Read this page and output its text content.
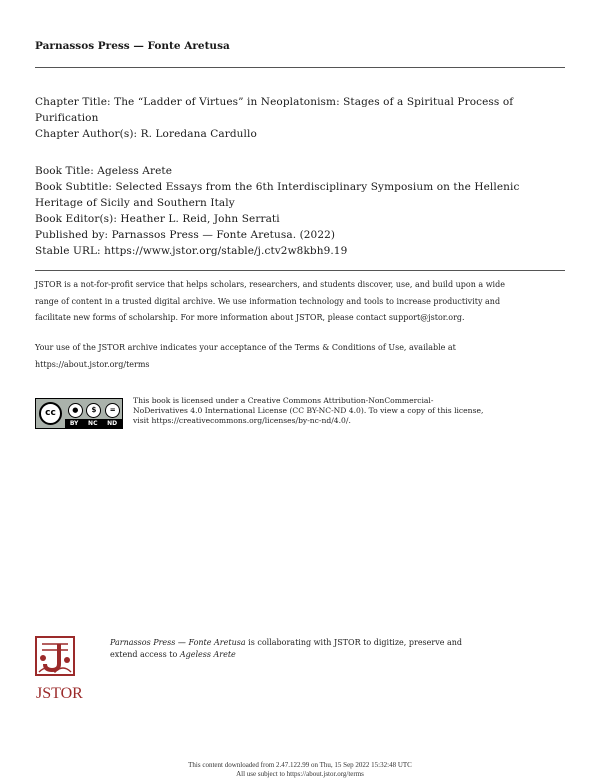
Parnassos Press — Fonte Aretusa
Chapter Title: The “Ladder of Virtues” in Neoplatonism: Stages of a Spiritual Process of
Purification
Chapter Author(s): R. Loredana Cardullo
Book Title: Ageless Arete
Book Subtitle: Selected Essays from the 6th Interdisciplinary Symposium on the Hellenic
Heritage of Sicily and Southern Italy
Book Editor(s): Heather L. Reid, John Serrati
Published by: Parnassos Press — Fonte Aretusa. (2022)
Stable URL: https://www.jstor.org/stable/j.ctv2w8kbh9.19
JSTOR is a not-for-profit service that helps scholars, researchers, and students discover, use, and build upon a wide
range of content in a trusted digital archive. We use information technology and tools to increase productivity and
facilitate new forms of scholarship. For more information about JSTOR, please contact support@jstor.org.
Your use of the JSTOR archive indicates your acceptance of the Terms & Conditions of Use, available at
https://about.jstor.org/terms
cc	●	$	=
BY NC ND
This book is licensed under a Creative Commons Attribution-NonCommercial-
NoDerivatives 4.0 International License (CC BY-NC-ND 4.0). To view a copy of this license,
visit https://creativecommons.org/licenses/by-nc-nd/4.0/.
JSTOR
Parnassos Press — Fonte Aretusa is collaborating with JSTOR to digitize, preserve and
extend access to Ageless Arete
This content downloaded from 2.47.122.99 on Thu, 15 Sep 2022 15:32:48 UTC
All use subject to https://about.jstor.org/terms
